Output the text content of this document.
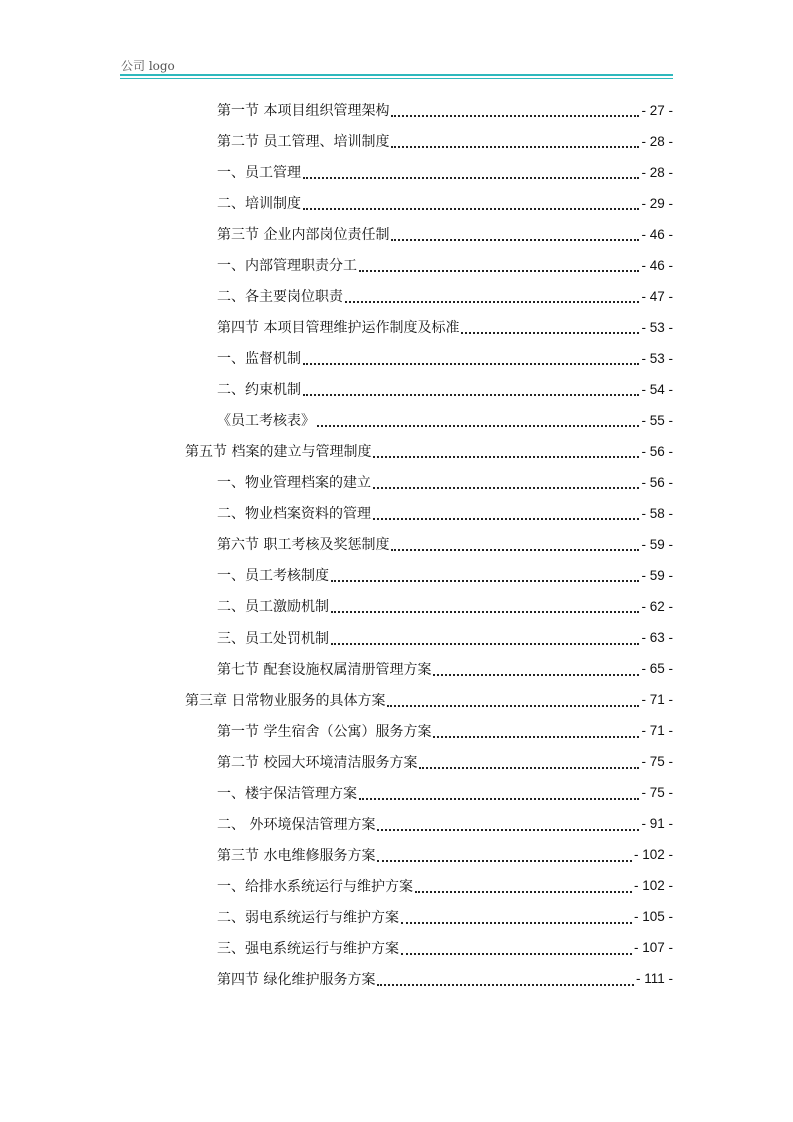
公司 logo
第一节 本项目组织管理架构	- 27 -
第二节 员工管理、培训制度	- 28 -
一、员工管理	- 28 -
二、培训制度	- 29 -
第三节 企业内部岗位责任制	- 46 -
一、内部管理职责分工	- 46 -
二、各主要岗位职责	- 47 -
第四节 本项目管理维护运作制度及标准	- 53 -
一、监督机制	- 53 -
二、约束机制	- 54 -
《员工考核表》	- 55 -
第五节 档案的建立与管理制度	- 56 -
一、物业管理档案的建立	- 56 -
二、物业档案资料的管理	- 58 -
第六节 职工考核及奖惩制度	- 59 -
一、员工考核制度	- 59 -
二、员工激励机制	- 62 -
三、员工处罚机制	- 63 -
第七节 配套设施权属清册管理方案	- 65 -
第三章 日常物业服务的具体方案	- 71 -
第一节 学生宿舍（公寓）服务方案	- 71 -
第二节 校园大环境清洁服务方案	- 75 -
一、楼宇保洁管理方案	- 75 -
二、 外环境保洁管理方案	- 91 -
第三节 水电维修服务方案	- 102 -
一、给排水系统运行与维护方案	- 102 -
二、弱电系统运行与维护方案	- 105 -
三、强电系统运行与维护方案	- 107 -
第四节 绿化维护服务方案	- 111 -
